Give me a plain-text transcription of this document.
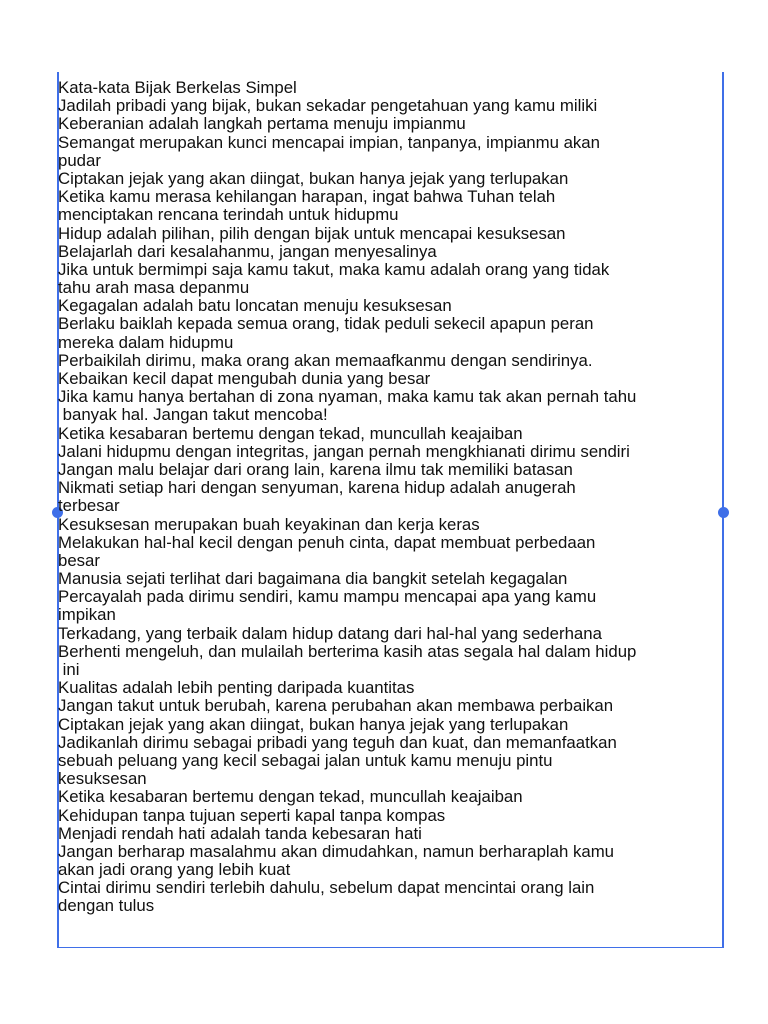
Kata-kata Bijak Berkelas Simpel
Jadilah pribadi yang bijak, bukan sekadar pengetahuan yang kamu miliki
Keberanian adalah langkah pertama menuju impianmu
Semangat merupakan kunci mencapai impian, tanpanya, impianmu akan
pudar
Ciptakan jejak yang akan diingat, bukan hanya jejak yang terlupakan
Ketika kamu merasa kehilangan harapan, ingat bahwa Tuhan telah
menciptakan rencana terindah untuk hidupmu
Hidup adalah pilihan, pilih dengan bijak untuk mencapai kesuksesan
Belajarlah dari kesalahanmu, jangan menyesalinya
Jika untuk bermimpi saja kamu takut, maka kamu adalah orang yang tidak
tahu arah masa depanmu
Kegagalan adalah batu loncatan menuju kesuksesan
Berlaku baiklah kepada semua orang, tidak peduli sekecil apapun peran
mereka dalam hidupmu
Perbaikilah dirimu, maka orang akan memaafkanmu dengan sendirinya.
Kebaikan kecil dapat mengubah dunia yang besar
Jika kamu hanya bertahan di zona nyaman, maka kamu tak akan pernah tahu
banyak hal. Jangan takut mencoba!
Ketika kesabaran bertemu dengan tekad, muncullah keajaiban
Jalani hidupmu dengan integritas, jangan pernah mengkhianati dirimu sendiri
Jangan malu belajar dari orang lain, karena ilmu tak memiliki batasan
Nikmati setiap hari dengan senyuman, karena hidup adalah anugerah
terbesar
Kesuksesan merupakan buah keyakinan dan kerja keras
Melakukan hal-hal kecil dengan penuh cinta, dapat membuat perbedaan
besar
Manusia sejati terlihat dari bagaimana dia bangkit setelah kegagalan
Percayalah pada dirimu sendiri, kamu mampu mencapai apa yang kamu
impikan
Terkadang, yang terbaik dalam hidup datang dari hal-hal yang sederhana
Berhenti mengeluh, dan mulailah berterima kasih atas segala hal dalam hidup
ini
Kualitas adalah lebih penting daripada kuantitas
Jangan takut untuk berubah, karena perubahan akan membawa perbaikan
Ciptakan jejak yang akan diingat, bukan hanya jejak yang terlupakan
Jadikanlah dirimu sebagai pribadi yang teguh dan kuat, dan memanfaatkan
sebuah peluang yang kecil sebagai jalan untuk kamu menuju pintu
kesuksesan
Ketika kesabaran bertemu dengan tekad, muncullah keajaiban
Kehidupan tanpa tujuan seperti kapal tanpa kompas
Menjadi rendah hati adalah tanda kebesaran hati
Jangan berharap masalahmu akan dimudahkan, namun berharaplah kamu
akan jadi orang yang lebih kuat
Cintai dirimu sendiri terlebih dahulu, sebelum dapat mencintai orang lain
dengan tulus
